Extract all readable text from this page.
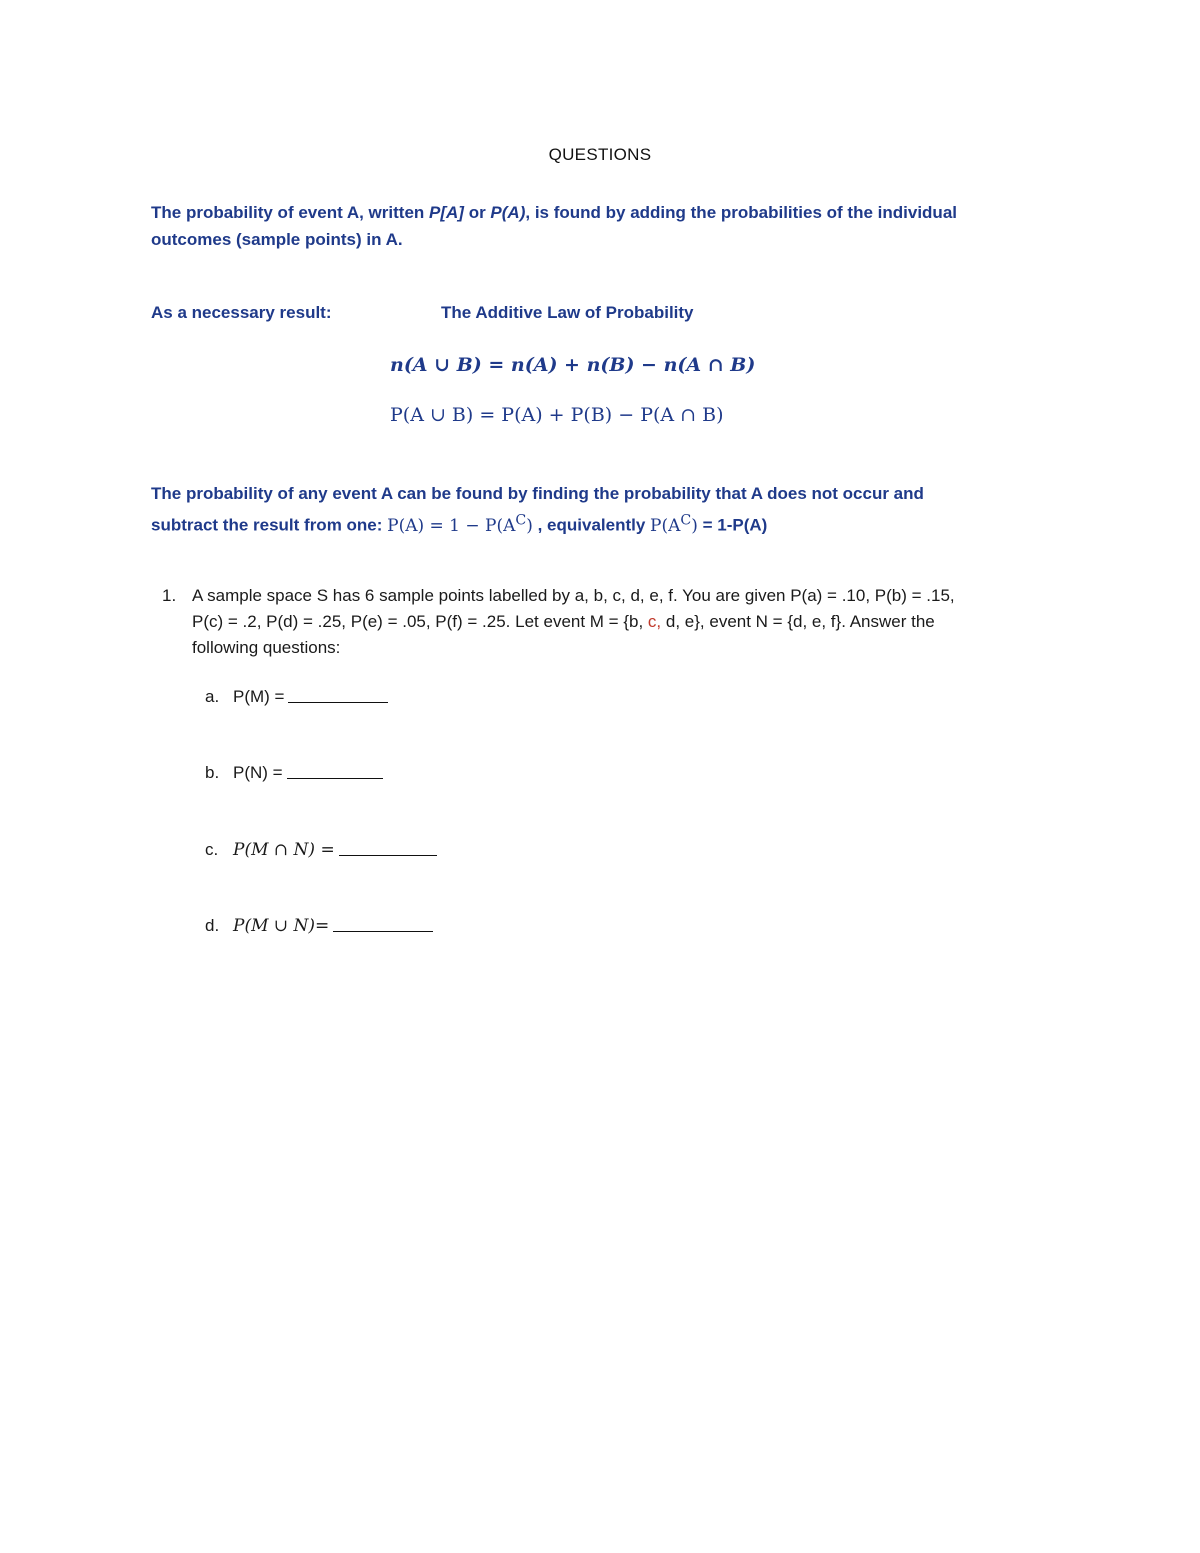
QUESTIONS
The probability of event A, written P[A] or P(A), is found by adding the probabilities of the individual outcomes (sample points) in A.
As a necessary result:	The Additive Law of Probability
n(A ∪ B) = n(A) + n(B) − n(A ∩ B)
P(A ∪ B) = P(A) + P(B) − P(A ∩ B)
The probability of any event A can be found by finding the probability that A does not occur and subtract the result from one: $P(A) = 1 - P(A^C)$ , equivalently $P(A^C) = 1-P(A)$
1. A sample space S has 6 sample points labelled by a, b, c, d, e, f. You are given P(a) = .10, P(b) = .15, P(c) = .2, P(d) = .25, P(e) = .05, P(f) = .25. Let event M = {b, c, d, e}, event N = {d, e, f}. Answer the following questions:
a. P(M) =
b. P(N) =
c. P(M ∩ N) =
d. P(M ∪ N)=
